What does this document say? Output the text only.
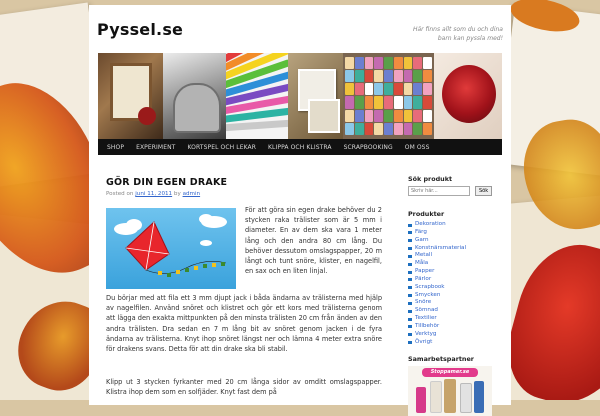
Pyssel.se	Här finns allt som du och dina barn kan pyssla med!
SHOP	EXPERIMENT	KORTSPEL OCH LEKAR	KLIPPA OCH KLISTRA	SCRAPBOOKING	OM OSS
GÖR DIN EGEN DRAKE
Posted on juni 11, 2011 by admin
För att göra sin egen drake behöver du 2 stycken raka trälister som är 5 mm i diameter. En av dem ska vara 1 meter lång och den andra 80 cm lång. Du behöver dessutom omslagspapper, 20 m långt och tunt snöre, klister, en nagelfil, en sax och en liten linjal.

Du börjar med att fila ett 3 mm djupt jack i båda ändarna av trälisterna med hjälp av nagelfilen. Använd snöret och klistret och gör ett kors med trälisterna genom att lägga den exakta mittpunkten på den minsta trälisten 20 cm från änden av den andra trälisten. Dra sedan en 7 m lång bit av snöret genom jacken i de fyra ändarna av trälisterna. Knyt ihop snöret längst ner och lämna 4 meter extra snöre för drakens svans. Detta för att din drake ska bli stabil.

Klipp ut 3 stycken fyrkanter med 20 cm långa sidor av omditt omslagspapper. Klistra ihop dem som en solfjäder. Knyt fast dem på

Sök produkt
Skriv här...
Sök
Produkter
Dekoration
Färg
Garn
Konstnärsmaterial
Metall
Måla
Papper
Pärlor
Scrapbook
Smycken
Snöre
Sömnad
Textilier
Tillbehör
Verktyg
Övrigt
Samarbetspartner
Stoppamer.se
